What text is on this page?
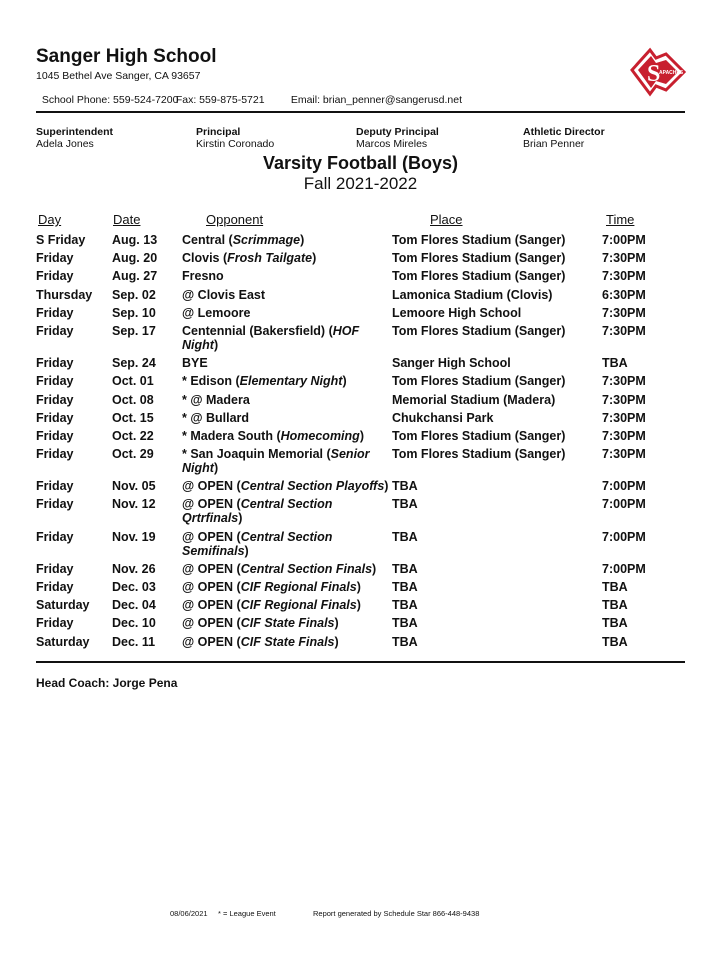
Sanger High School
1045 Bethel Ave Sanger, CA 93657

School Phone: 559-524-7200Fax: 559-875-5721	Email: brian_penner@sangerusd.net

S
APACHES
Superintendent
Adela Jones
Principal
Kirstin Coronado
Deputy Principal
Marcos Mireles
Athletic Director
Brian Penner
Varsity Football (Boys)
Fall 2021-2022
Day	Date	Opponent	Place	Time
S Friday	Aug. 13	Central (Scrimmage)	Tom Flores Stadium (Sanger)	7:00PM
Friday	Aug. 20	Clovis (Frosh Tailgate)	Tom Flores Stadium (Sanger)	7:30PM
Friday	Aug. 27	Fresno	Tom Flores Stadium (Sanger)	7:30PM
Thursday	Sep. 02	@ Clovis East	Lamonica Stadium (Clovis)	6:30PM
Friday	Sep. 10	@ Lemoore	Lemoore High School	7:30PM
Friday	Sep. 17	Centennial (Bakersfield) (HOF Night)	Tom Flores Stadium (Sanger)	7:30PM
Friday	Sep. 24	BYE	Sanger High School	TBA
Friday	Oct. 01	* Edison (Elementary Night)	Tom Flores Stadium (Sanger)	7:30PM
Friday	Oct. 08	* @ Madera	Memorial Stadium (Madera)	7:30PM
Friday	Oct. 15	* @ Bullard	Chukchansi Park	7:30PM
Friday	Oct. 22	* Madera South (Homecoming)	Tom Flores Stadium (Sanger)	7:30PM
Friday	Oct. 29	* San Joaquin Memorial (Senior Night)	Tom Flores Stadium (Sanger)	7:30PM
Friday	Nov. 05	@ OPEN (Central Section Playoffs)	TBA	7:00PM
Friday	Nov. 12	@ OPEN (Central Section Qrtrfinals)	TBA	7:00PM
Friday	Nov. 19	@ OPEN (Central Section Semifinals)	TBA	7:00PM
Friday	Nov. 26	@ OPEN (Central Section Finals)	TBA	7:00PM
Friday	Dec. 03	@ OPEN (CIF Regional Finals)	TBA	TBA
Saturday	Dec. 04	@ OPEN (CIF Regional Finals)	TBA	TBA
Friday	Dec. 10	@ OPEN (CIF State Finals)	TBA	TBA
Saturday	Dec. 11	@ OPEN (CIF State Finals)	TBA	TBA
Head Coach: Jorge Pena
08/06/2021 * = League Event	Report generated by Schedule Star 866-448-9438
